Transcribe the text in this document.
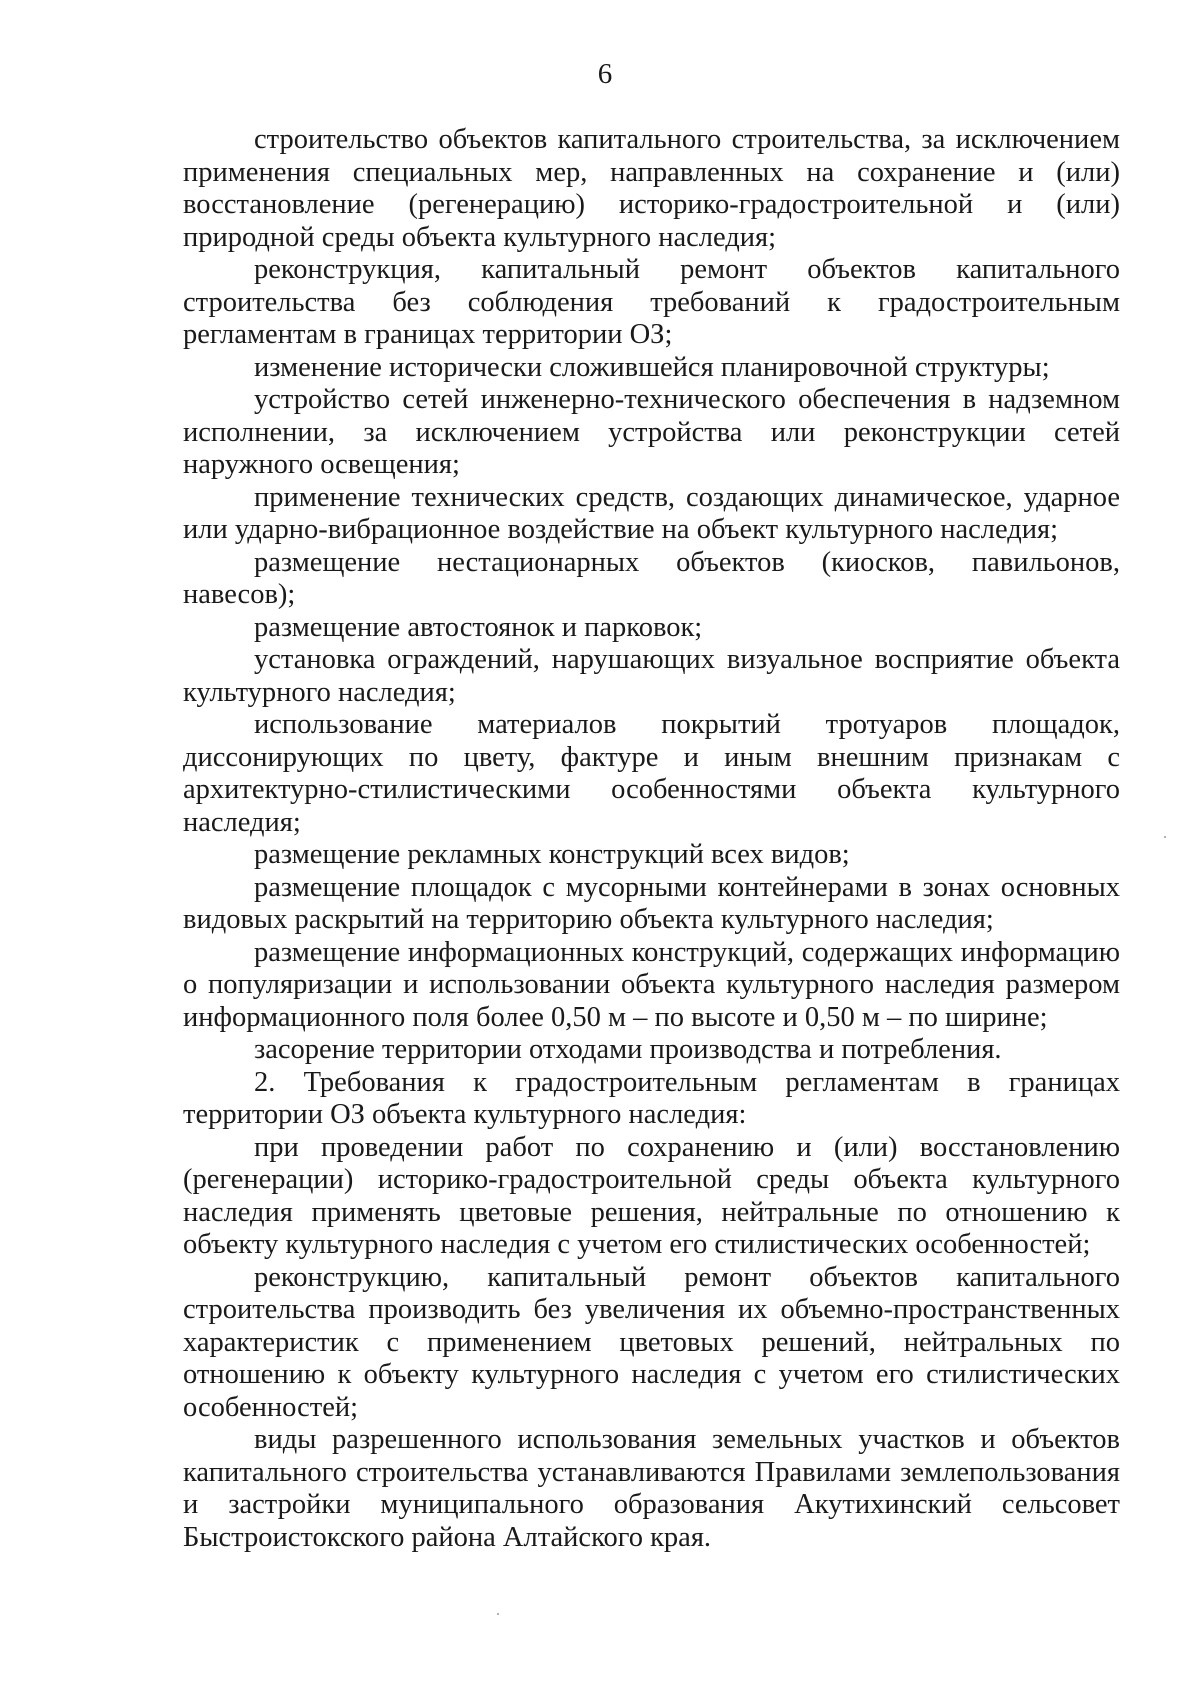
6

строительство объектов капитального строительства, за исключением применения специальных мер, направленных на сохранение и (или) восстановление (регенерацию) историко-градостроительной и (или) природной среды объекта культурного наследия;

реконструкция, капитальный ремонт объектов капитального строительства без соблюдения требований к градостроительным регламентам в границах территории ОЗ;

изменение исторически сложившейся планировочной структуры;

устройство сетей инженерно-технического обеспечения в надземном исполнении, за исключением устройства или реконструкции сетей наружного освещения;

применение технических средств, создающих динамическое, ударное или ударно-вибрационное воздействие на объект культурного наследия;

размещение нестационарных объектов (киосков, павильонов, навесов);

размещение автостоянок и парковок;

установка ограждений, нарушающих визуальное восприятие объекта культурного наследия;

использование материалов покрытий тротуаров площадок, диссонирующих по цвету, фактуре и иным внешним признакам с архитектурно-стилистическими особенностями объекта культурного наследия;

размещение рекламных конструкций всех видов;

размещение площадок с мусорными контейнерами в зонах основных видовых раскрытий на территорию объекта культурного наследия;

размещение информационных конструкций, содержащих информацию о популяризации и использовании объекта культурного наследия размером информационного поля более 0,50 м – по высоте и 0,50 м – по ширине;

засорение территории отходами производства и потребления.

2. Требования к градостроительным регламентам в границах территории ОЗ объекта культурного наследия:

при проведении работ по сохранению и (или) восстановлению (регенерации) историко-градостроительной среды объекта культурного наследия применять цветовые решения, нейтральные по отношению к объекту культурного наследия с учетом его стилистических особенностей;

реконструкцию, капитальный ремонт объектов капитального строительства производить без увеличения их объемно-пространственных характеристик с применением цветовых решений, нейтральных по отношению к объекту культурного наследия с учетом его стилистических особенностей;

виды разрешенного использования земельных участков и объектов капитального строительства устанавливаются Правилами землепользования и застройки муниципального образования Акутихинский сельсовет Быстроистокского района Алтайского края.
